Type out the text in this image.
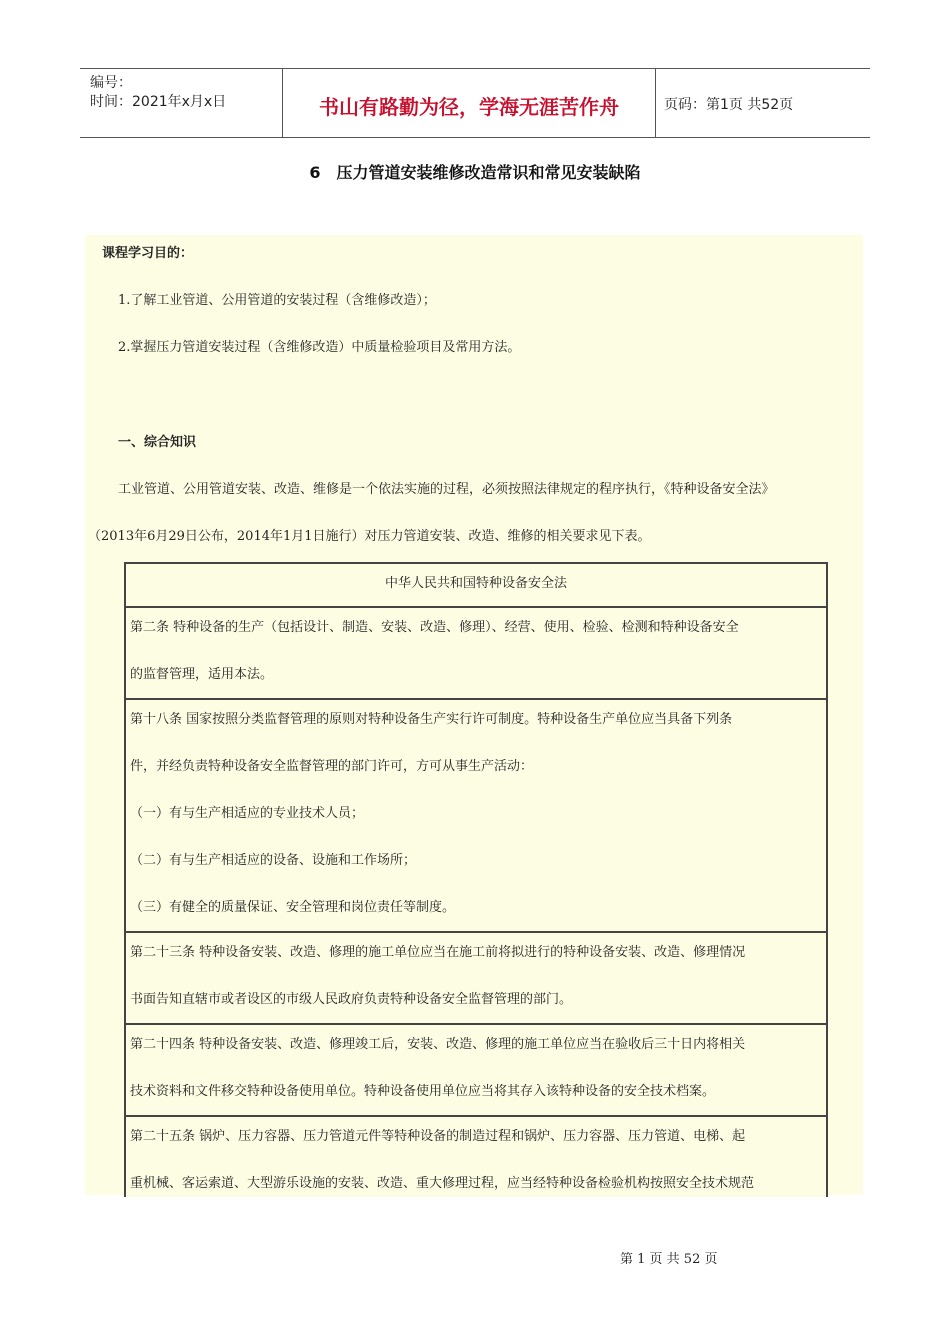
编号：
时间：2021年x月x日	书山有路勤为径，学海无涯苦作舟	页码：第1页 共52页
6　压力管道安装维修改造常识和常见安装缺陷
课程学习目的：
1.了解工业管道、公用管道的安装过程（含维修改造）；
2.掌握压力管道安装过程（含维修改造）中质量检验项目及常用方法。
一、综合知识
工业管道、公用管道安装、改造、维修是一个依法实施的过程，必须按照法律规定的程序执行，《特种设备安全法》
（2013年6月29日公布，2014年1月1日施行）对压力管道安装、改造、维修的相关要求见下表。
中华人民共和国特种设备安全法
第二条 特种设备的生产（包括设计、制造、安装、改造、修理）、经营、使用、检验、检测和特种设备安全
的监督管理，适用本法。
第十八条 国家按照分类监督管理的原则对特种设备生产实行许可制度。特种设备生产单位应当具备下列条
件，并经负责特种设备安全监督管理的部门许可，方可从事生产活动：
（一）有与生产相适应的专业技术人员；
（二）有与生产相适应的设备、设施和工作场所；
（三）有健全的质量保证、安全管理和岗位责任等制度。
第二十三条 特种设备安装、改造、修理的施工单位应当在施工前将拟进行的特种设备安装、改造、修理情况
书面告知直辖市或者设区的市级人民政府负责特种设备安全监督管理的部门。
第二十四条 特种设备安装、改造、修理竣工后，安装、改造、修理的施工单位应当在验收后三十日内将相关
技术资料和文件移交特种设备使用单位。特种设备使用单位应当将其存入该特种设备的安全技术档案。
第二十五条 锅炉、压力容器、压力管道元件等特种设备的制造过程和锅炉、压力容器、压力管道、电梯、起
重机械、客运索道、大型游乐设施的安装、改造、重大修理过程，应当经特种设备检验机构按照安全技术规范
第 1 页 共 52 页
